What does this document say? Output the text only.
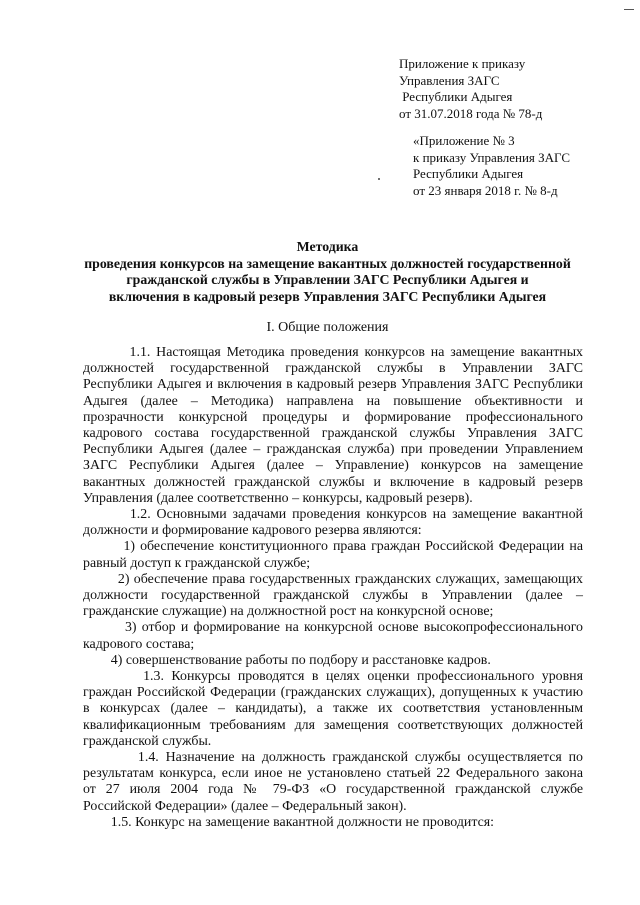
Приложение к приказу
Управления ЗАГС
Республики Адыгея
от 31.07.2018 года № 78-д
«Приложение № 3
к приказу Управления ЗАГС
Республики Адыгея
от 23 января 2018 г. № 8-д
Методика
проведения конкурсов на замещение вакантных должностей государственной
гражданской службы в Управлении ЗАГС Республики Адыгея и
включения в кадровый резерв Управления ЗАГС Республики Адыгея
I. Общие положения
1.1. Настоящая Методика проведения конкурсов на замещение вакантных
должностей государственной гражданской службы в Управлении ЗАГС
Республики Адыгея и включения в кадровый резерв Управления ЗАГС Республики
Адыгея (далее – Методика) направлена на повышение объективности и
прозрачности конкурсной процедуры и формирование профессионального
кадрового состава государственной гражданской службы Управления ЗАГС
Республики Адыгея (далее – гражданская служба) при проведении Управлением
ЗАГС Республики Адыгея (далее – Управление) конкурсов на замещение
вакантных должностей гражданской службы и включение в кадровый резерв
Управления (далее соответственно – конкурсы, кадровый резерв).
1.2. Основными задачами проведения конкурсов на замещение вакантной
должности и формирование кадрового резерва являются:
1) обеспечение конституционного права граждан Российской Федерации на
равный доступ к гражданской службе;
2) обеспечение права государственных гражданских служащих, замещающих
должности государственной гражданской службы в Управлении (далее –
гражданские служащие) на должностной рост на конкурсной основе;
3) отбор и формирование на конкурсной основе высокопрофессионального
кадрового состава;
4) совершенствование работы по подбору и расстановке кадров.
1.3. Конкурсы проводятся в целях оценки профессионального уровня
граждан Российской Федерации (гражданских служащих), допущенных к участию
в конкурсах (далее – кандидаты), а также их соответствия установленным
квалификационным требованиям для замещения соответствующих должностей
гражданской службы.
1.4. Назначение на должность гражданской службы осуществляется по
результатам конкурса, если иное не установлено статьей 22 Федерального закона
от 27 июля 2004 года № 79-ФЗ «О государственной гражданской службе
Российской Федерации» (далее – Федеральный закон).
1.5. Конкурс на замещение вакантной должности не проводится:
